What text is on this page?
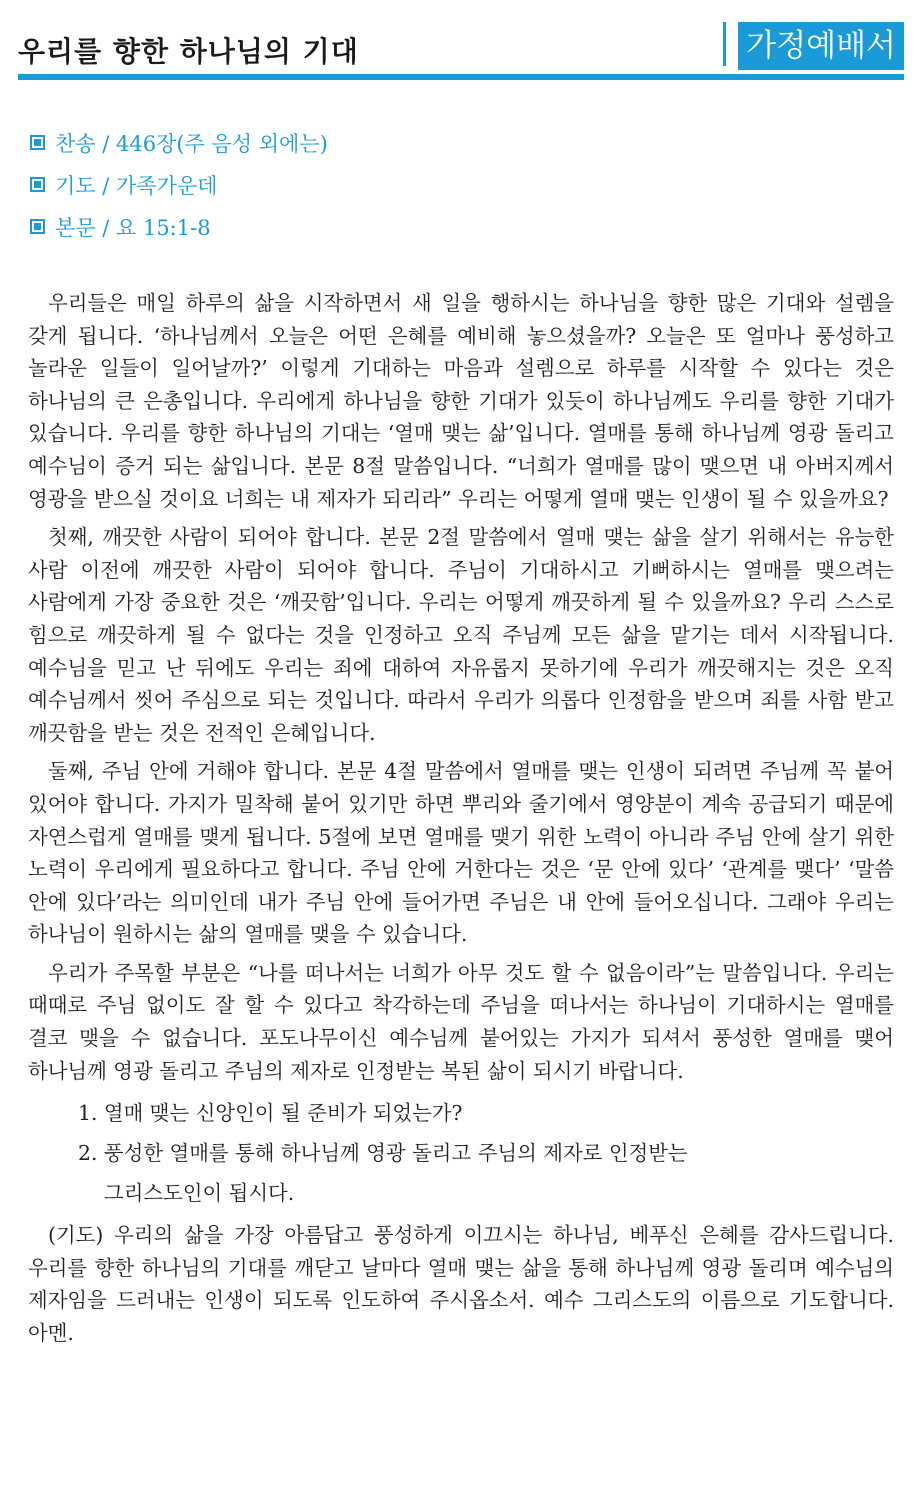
우리를 향한 하나님의 기대	가정예배서
찬송 / 446장(주 음성 외에는)
기도 / 가족가운데
본문 / 요 15:1-8

우리들은 매일 하루의 삶을 시작하면서 새 일을 행하시는 하나님을 향한 많은 기대와 설렘을 갖게 됩니다. ‘하나님께서 오늘은 어떤 은혜를 예비해 놓으셨을까? 오늘은 또 얼마나 풍성하고 놀라운 일들이 일어날까?’ 이렇게 기대하는 마음과 설렘으로 하루를 시작할 수 있다는 것은 하나님의 큰 은총입니다. 우리에게 하나님을 향한 기대가 있듯이 하나님께도 우리를 향한 기대가 있습니다. 우리를 향한 하나님의 기대는 ‘열매 맺는 삶’입니다. 열매를 통해 하나님께 영광 돌리고 예수님이 증거 되는 삶입니다. 본문 8절 말씀입니다. “너희가 열매를 많이 맺으면 내 아버지께서 영광을 받으실 것이요 너희는 내 제자가 되리라” 우리는 어떻게 열매 맺는 인생이 될 수 있을까요?

첫째, 깨끗한 사람이 되어야 합니다. 본문 2절 말씀에서 열매 맺는 삶을 살기 위해서는 유능한 사람 이전에 깨끗한 사람이 되어야 합니다. 주님이 기대하시고 기뻐하시는 열매를 맺으려는 사람에게 가장 중요한 것은 ‘깨끗함’입니다. 우리는 어떻게 깨끗하게 될 수 있을까요? 우리 스스로 힘으로 깨끗하게 될 수 없다는 것을 인정하고 오직 주님께 모든 삶을 맡기는 데서 시작됩니다. 예수님을 믿고 난 뒤에도 우리는 죄에 대하여 자유롭지 못하기에 우리가 깨끗해지는 것은 오직 예수님께서 씻어 주심으로 되는 것입니다. 따라서 우리가 의롭다 인정함을 받으며 죄를 사함 받고 깨끗함을 받는 것은 전적인 은혜입니다.

둘째, 주님 안에 거해야 합니다. 본문 4절 말씀에서 열매를 맺는 인생이 되려면 주님께 꼭 붙어 있어야 합니다. 가지가 밀착해 붙어 있기만 하면 뿌리와 줄기에서 영양분이 계속 공급되기 때문에 자연스럽게 열매를 맺게 됩니다. 5절에 보면 열매를 맺기 위한 노력이 아니라 주님 안에 살기 위한 노력이 우리에게 필요하다고 합니다. 주님 안에 거한다는 것은 ‘문 안에 있다’ ‘관계를 맺다’ ‘말씀 안에 있다’라는 의미인데 내가 주님 안에 들어가면 주님은 내 안에 들어오십니다. 그래야 우리는 하나님이 원하시는 삶의 열매를 맺을 수 있습니다.

우리가 주목할 부분은 “나를 떠나서는 너희가 아무 것도 할 수 없음이라”는 말씀입니다. 우리는 때때로 주님 없이도 잘 할 수 있다고 착각하는데 주님을 떠나서는 하나님이 기대하시는 열매를 결코 맺을 수 없습니다. 포도나무이신 예수님께 붙어있는 가지가 되셔서 풍성한 열매를 맺어 하나님께 영광 돌리고 주님의 제자로 인정받는 복된 삶이 되시기 바랍니다.

1. 열매 맺는 신앙인이 될 준비가 되었는가?
2. 풍성한 열매를 통해 하나님께 영광 돌리고 주님의 제자로 인정받는
그리스도인이 됩시다.

(기도) 우리의 삶을 가장 아름답고 풍성하게 이끄시는 하나님, 베푸신 은혜를 감사드립니다. 우리를 향한 하나님의 기대를 깨닫고 날마다 열매 맺는 삶을 통해 하나님께 영광 돌리며 예수님의 제자임을 드러내는 인생이 되도록 인도하여 주시옵소서. 예수 그리스도의 이름으로 기도합니다. 아멘.
